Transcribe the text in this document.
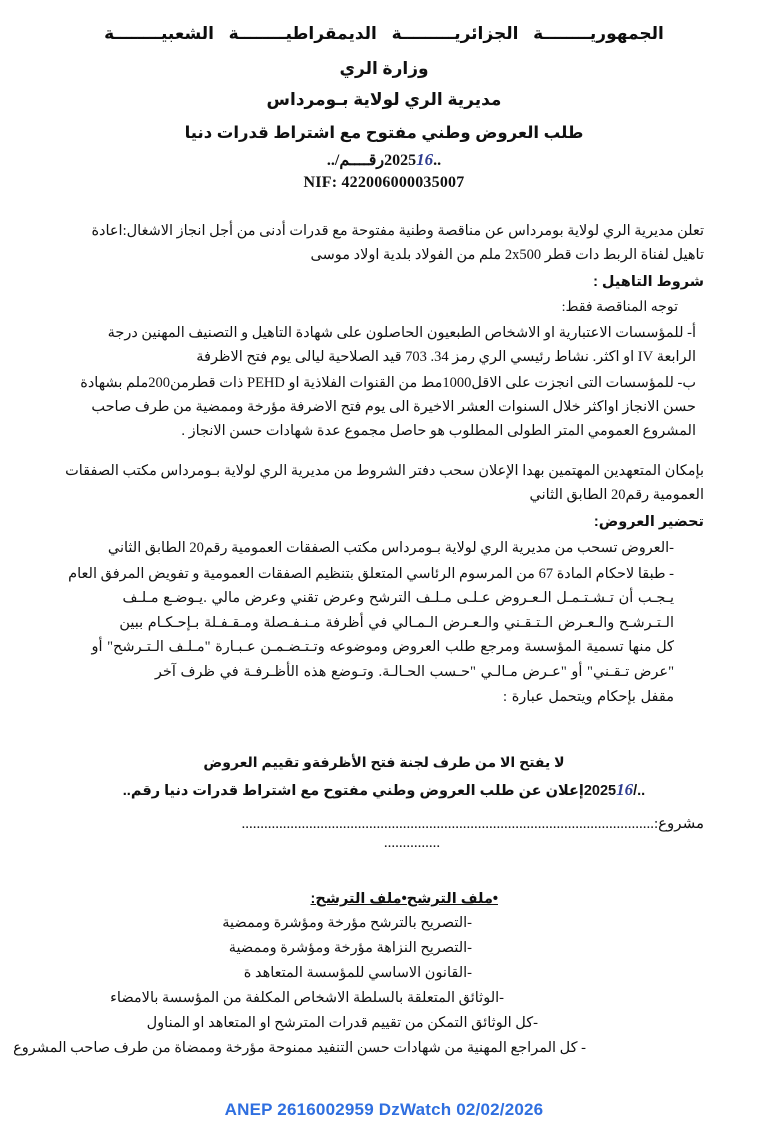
الجمهوريــــــــة الجزائريـــــــــة الديمقراطيــــــــة الشعبيــــــــة
وزارة الري
مديرية الري لولاية بـومرداس
طلب العروض وطني مفتوح مع اشتراط قدرات دنيا
..202516رقــــم/..
NIF: 422006000035007
تعلن مديرية الري لولاية بومرداس عن مناقصة وطنية مفتوحة مع قدرات أدنى من أجل انجاز الاشغال:اعادة
تاهيل لفناة الربط دات قطر 2x500 ملم من الفولاد بلدية اولاد موسى
شروط التاهيل :
توجه المناقصة فقط:
أ- للمؤسسات الاعتبارية او الاشخاص الطبعيون الحاصلون على شهادة التاهيل و التصنيف المهنين درجة
الرابعة IV او اكثر. نشاط رئيسي الري رمز 703 .34 قيد الصلاحية ليالى يوم فتح الاظرفة
ب- للمؤسسات التى انجزت على الاقل1000مط من القنوات الفلاذية او PEHD ذات قطرمن200ملم بشهادة
حسن الانجاز اواكثر خلال السنوات العشر الاخيرة الى يوم فتح الاضرفة مؤرخة وممضية من طرف صاحب
المشروع العمومي المتر الطولى المطلوب هو حاصل مجموع عدة شهادات حسن الانجاز .
بإمكان المتعهدين المهتمين بهدا الإعلان سحب دفتر الشروط من مديرية الري لولاية بـومرداس مكتب الصفقات
العمومية رقم20 الطابق الثاني
تحضير العروض:
-العروض تسحب من مديرية الري لولاية بـومرداس مكتب الصفقات العمومية رقم20 الطابق الثاني
- طبقا لاحكام المادة 67 من المرسوم الرئاسي المتعلق بتنظيم الصفقات العمومية و تفويض المرفق العام
يـجـب أن تـشـتـمـل الـعـروض عـلـى مـلـف الترشح وعرض تقني وعرض مالي .يـوضـع مـلـف
الـتـرشـح والـعـرض الـتـقـني والـعـرض الـمـالي في أظرفة مـنـفـصلة ومـقـفـلة بـإحـكـام ببين
كل منها تسمية المؤسسة ومرجع طلب العروض وموضوعه وتـتـضـمـن عـبـارة "مـلـف الـتـرشح" أو
"عرض تـقـني" أو "عـرض مـالـي "حـسب الحـالـة. وتـوضع هذه الأظـرفـة في ظرف آخر
مقفل بإحكام ويتحمل عبارة :
لا يفتح الا من طرف لجنة فتح الأظرفةو تقييم العروض
../202516إعلان عن طلب العروض وطني مفتوح مع اشتراط قدرات دنيا رقم..
مشروع:..............................................................................................................
...............
•ملف الترشح•ملف الترشح:
-التصريح بالترشح مؤرخة ومؤشرة وممضية
-التصريح النزاهة مؤرخة ومؤشرة وممضية
-القانون الاساسي للمؤسسة المتعاهد ة
-الوثائق المتعلقة بالسلطة الاشخاص المكلفة من المؤسسة بالامضاء
-كل الوثائق التمكن من تقييم قدرات المترشح او المتعاهد او المناول
- كل المراجع المهنية من شهادات حسن التنفيد ممنوحة مؤرخة وممضاة من طرف صاحب المشروع
ANEP 2616002959 DzWatch 02/02/2026
